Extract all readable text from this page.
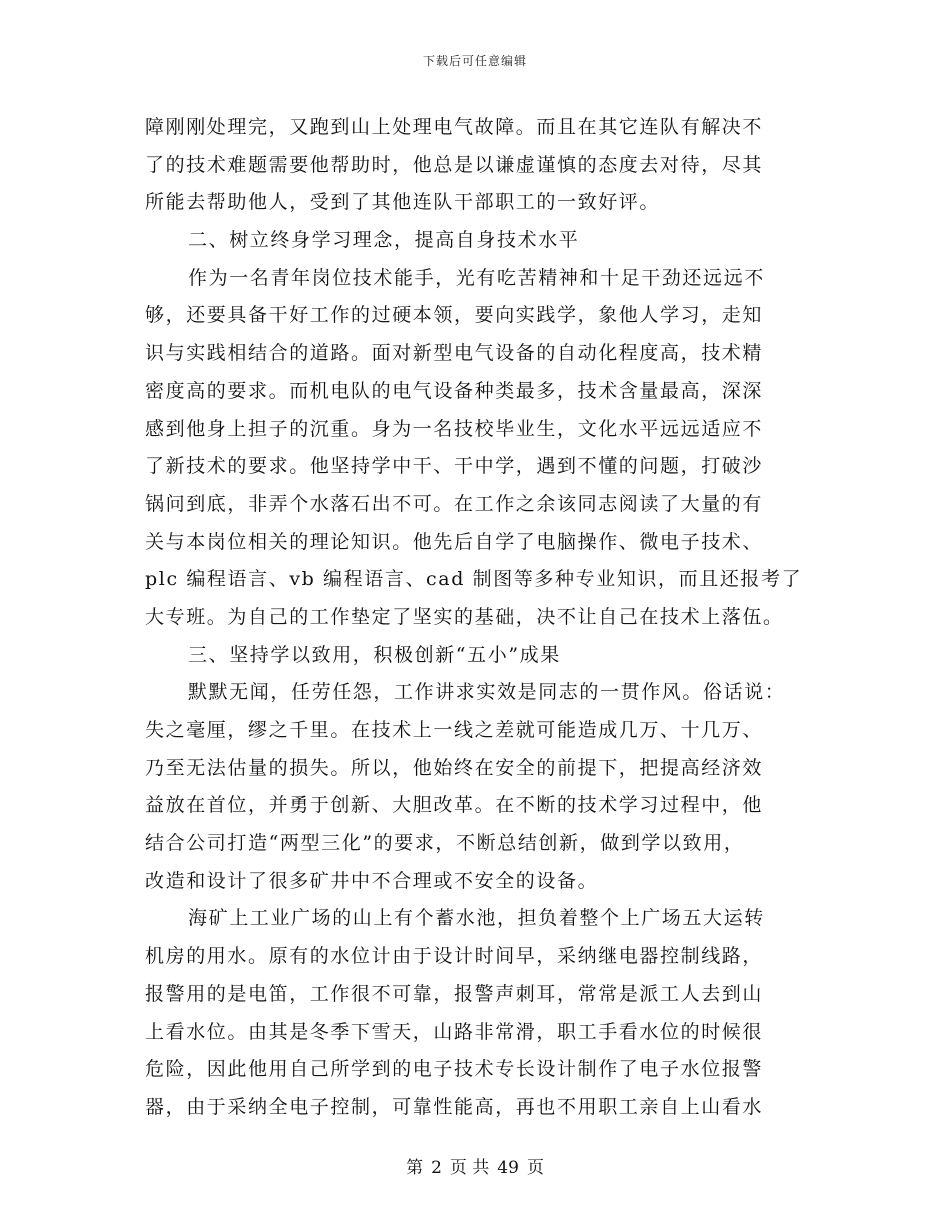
下载后可任意编辑
障刚刚处理完，又跑到山上处理电气故障。而且在其它连队有解决不
了的技术难题需要他帮助时，他总是以谦虚谨慎的态度去对待，尽其
所能去帮助他人，受到了其他连队干部职工的一致好评。
二、树立终身学习理念，提高自身技术水平
作为一名青年岗位技术能手，光有吃苦精神和十足干劲还远远不
够，还要具备干好工作的过硬本领，要向实践学，象他人学习，走知
识与实践相结合的道路。面对新型电气设备的自动化程度高，技术精
密度高的要求。而机电队的电气设备种类最多，技术含量最高，深深
感到他身上担子的沉重。身为一名技校毕业生，文化水平远远适应不
了新技术的要求。他坚持学中干、干中学，遇到不懂的问题，打破沙
锅问到底，非弄个水落石出不可。在工作之余该同志阅读了大量的有
关与本岗位相关的理论知识。他先后自学了电脑操作、微电子技术、
plc 编程语言、vb 编程语言、cad 制图等多种专业知识，而且还报考了
大专班。为自己的工作垫定了坚实的基础，决不让自己在技术上落伍。
三、坚持学以致用，积极创新“五小”成果
默默无闻，任劳任怨，工作讲求实效是同志的一贯作风。俗话说：
失之毫厘，缪之千里。在技术上一线之差就可能造成几万、十几万、
乃至无法估量的损失。所以，他始终在安全的前提下，把提高经济效
益放在首位，并勇于创新、大胆改革。在不断的技术学习过程中，他
结合公司打造“两型三化”的要求，不断总结创新，做到学以致用，
改造和设计了很多矿井中不合理或不安全的设备。
海矿上工业广场的山上有个蓄水池，担负着整个上广场五大运转
机房的用水。原有的水位计由于设计时间早，采纳继电器控制线路，
报警用的是电笛，工作很不可靠，报警声刺耳，常常是派工人去到山
上看水位。由其是冬季下雪天，山路非常滑，职工手看水位的时候很
危险，因此他用自己所学到的电子技术专长设计制作了电子水位报警
器，由于采纳全电子控制，可靠性能高，再也不用职工亲自上山看水
第 2 页 共 49 页
